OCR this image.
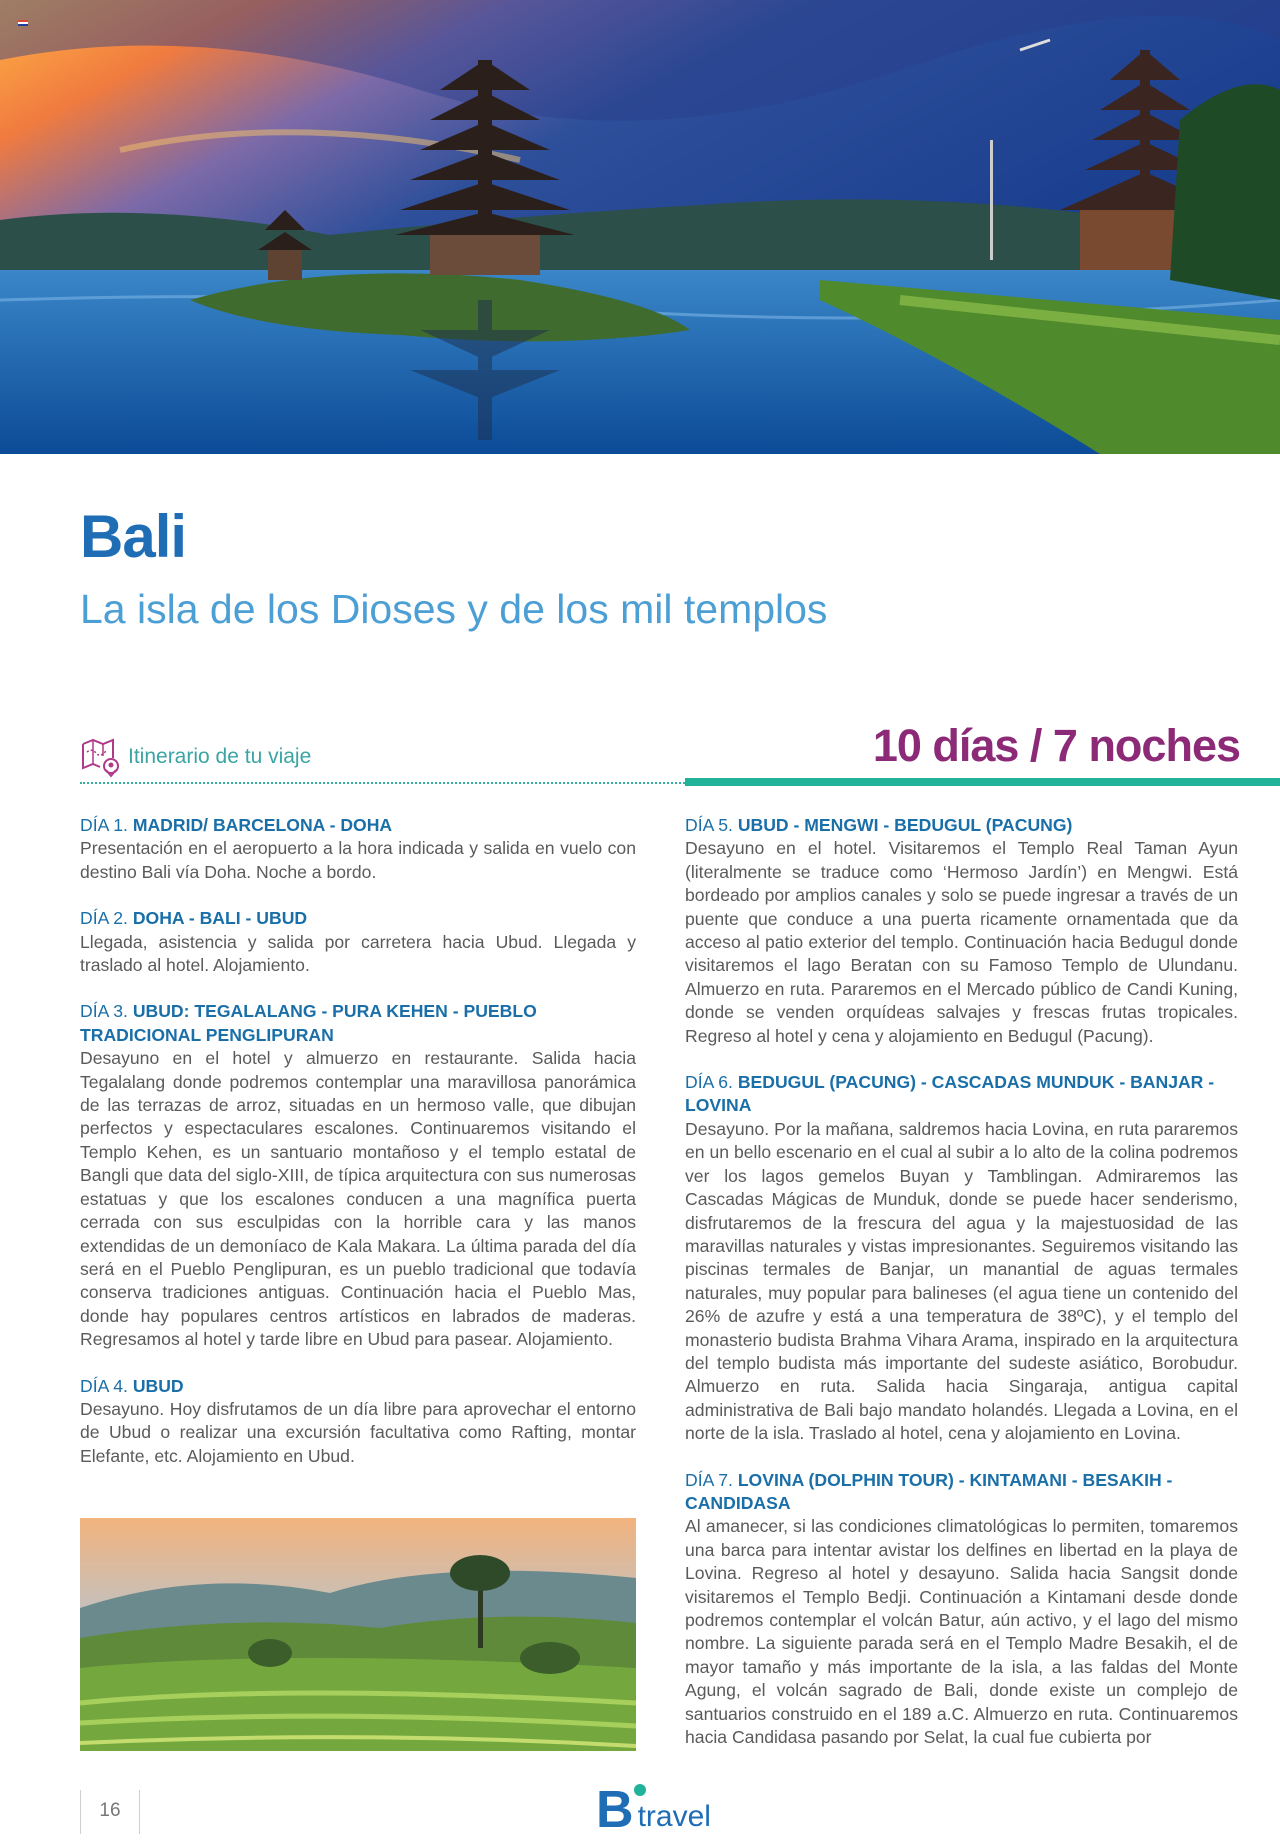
Bali
La isla de los Dioses y de los mil templos
Itinerario de tu viaje	10 días / 7 noches

DÍA 1. MADRID/ BARCELONA - DOHA

Presentación en el aeropuerto a la hora indicada y salida en vuelo con destino Bali vía Doha. Noche a bordo.

DÍA 2. DOHA - BALI - UBUD

Llegada, asistencia y salida por carretera hacia Ubud. Llegada y traslado al hotel. Alojamiento.

DÍA 3. UBUD: TEGALALANG - PURA KEHEN - PUEBLO TRADICIONAL PENGLIPURAN

Desayuno en el hotel y almuerzo en restaurante. Salida hacia Tegalalang donde podremos contemplar una maravillosa panorámica de las terrazas de arroz, situadas en un hermoso valle, que dibujan perfectos y espectaculares escalones. Continuaremos visitando el Templo Kehen, es un santuario montañoso y el templo estatal de Bangli que data del siglo-XIII, de típica arquitectura con sus numerosas estatuas y que los escalones conducen a una magnífica puerta cerrada con sus esculpidas con la horrible cara y las manos extendidas de un demoníaco de Kala Makara. La última parada del día será en el Pueblo Penglipuran, es un pueblo tradicional que todavía conserva tradiciones antiguas. Continuación hacia el Pueblo Mas, donde hay populares centros artísticos en labrados de maderas. Regresamos al hotel y tarde libre en Ubud para pasear. Alojamiento.

DÍA 4. UBUD

Desayuno. Hoy disfrutamos de un día libre para aprovechar el entorno de Ubud o realizar una excursión facultativa como Rafting, montar Elefante, etc. Alojamiento en Ubud.

DÍA 5. UBUD - MENGWI - BEDUGUL (PACUNG)

Desayuno en el hotel. Visitaremos el Templo Real Taman Ayun (literalmente se traduce como ‘Hermoso Jardín’) en Mengwi. Está bordeado por amplios canales y solo se puede ingresar a través de un puente que conduce a una puerta ricamente ornamentada que da acceso al patio exterior del templo. Continuación hacia Bedugul donde visitaremos el lago Beratan con su Famoso Templo de Ulundanu. Almuerzo en ruta. Pararemos en el Mercado público de Candi Kuning, donde se venden orquídeas salvajes y frescas frutas tropicales. Regreso al hotel y cena y alojamiento en Bedugul (Pacung).

DÍA 6. BEDUGUL (PACUNG) - CASCADAS MUNDUK - BANJAR - LOVINA

Desayuno. Por la mañana, saldremos hacia Lovina, en ruta pararemos en un bello escenario en el cual al subir a lo alto de la colina podremos ver los lagos gemelos Buyan y Tamblingan. Admiraremos las Cascadas Mágicas de Munduk, donde se puede hacer senderismo, disfrutaremos de la frescura del agua y la majestuosidad de las maravillas naturales y vistas impresionantes. Seguiremos visitando las piscinas termales de Banjar, un manantial de aguas termales naturales, muy popular para balineses (el agua tiene un contenido del 26% de azufre y está a una temperatura de 38ºC), y el templo del monasterio budista Brahma Vihara Arama, inspirado en la arquitectura del templo budista más importante del sudeste asiático, Borobudur. Almuerzo en ruta. Salida hacia Singaraja, antigua capital administrativa de Bali bajo mandato holandés. Llegada a Lovina, en el norte de la isla. Traslado al hotel, cena y alojamiento en Lovina.

DÍA 7. LOVINA (DOLPHIN TOUR) - KINTAMANI - BESAKIH - CANDIDASA

Al amanecer, si las condiciones climatológicas lo permiten, tomaremos una barca para intentar avistar los delfines en libertad en la playa de Lovina. Regreso al hotel y desayuno. Salida hacia Sangsit donde visitaremos el Templo Bedji. Continuación a Kintamani desde donde podremos contemplar el volcán Batur, aún activo, y el lago del mismo nombre. La siguiente parada será en el Templo Madre Besakih, el de mayor tamaño y más importante de la isla, a las faldas del Monte Agung, el volcán sagrado de Bali, donde existe un complejo de santuarios construido en el 189 a.C. Almuerzo en ruta. Continuaremos hacia Candidasa pasando por Selat, la cual fue cubierta por

16	B travel
